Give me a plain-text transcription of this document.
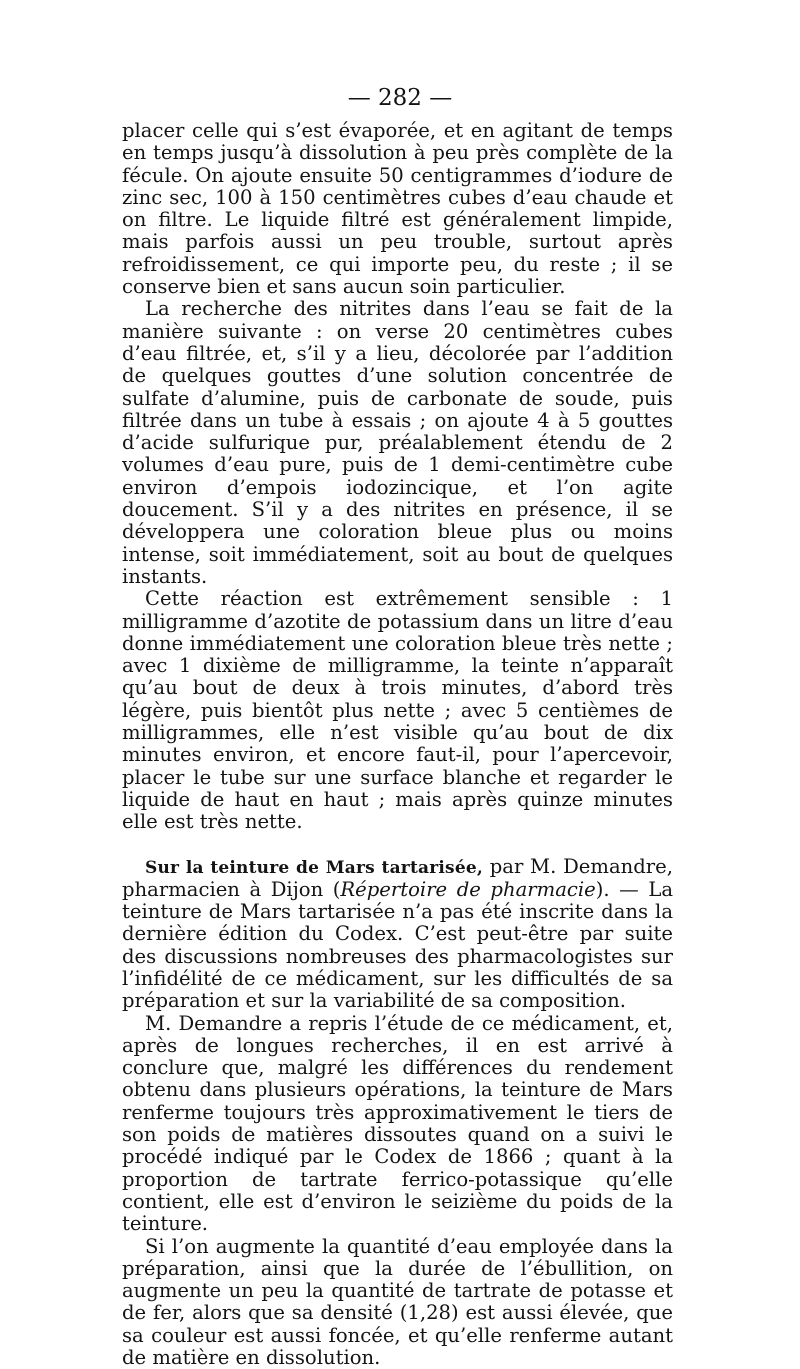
— 282 —

placer celle qui s’est évaporée, et en agitant de temps en temps jusqu’à dissolution à peu près complète de la fécule. On ajoute ensuite 50 centigrammes d’iodure de zinc sec, 100 à 150 centimètres cubes d’eau chaude et on filtre. Le liquide filtré est généralement limpide, mais parfois aussi un peu trouble, surtout après refroidissement, ce qui importe peu, du reste ; il se conserve bien et sans aucun soin particulier.

La recherche des nitrites dans l’eau se fait de la manière suivante : on verse 20 centimètres cubes d’eau filtrée, et, s’il y a lieu, décolorée par l’addition de quelques gouttes d’une solution concentrée de sulfate d’alumine, puis de carbonate de soude, puis filtrée dans un tube à essais ; on ajoute 4 à 5 gouttes d’acide sulfurique pur, préalablement étendu de 2 volumes d’eau pure, puis de 1 demi-centimètre cube environ d’empois iodozincique, et l’on agite doucement. S’il y a des nitrites en présence, il se développera une coloration bleue plus ou moins intense, soit immédiatement, soit au bout de quelques instants.

Cette réaction est extrêmement sensible : 1 milligramme d’azotite de potassium dans un litre d’eau donne immédiatement une coloration bleue très nette ; avec 1 dixième de milligramme, la teinte n’apparaît qu’au bout de deux à trois minutes, d’abord très légère, puis bientôt plus nette ; avec 5 centièmes de milligrammes, elle n’est visible qu’au bout de dix minutes environ, et encore faut-il, pour l’apercevoir, placer le tube sur une surface blanche et regarder le liquide de haut en haut ; mais après quinze minutes elle est très nette.

Sur la teinture de Mars tartarisée, par M. Demandre, pharmacien à Dijon (Répertoire de pharmacie). — La teinture de Mars tartarisée n’a pas été inscrite dans la dernière édition du Codex. C’est peut-être par suite des discussions nombreuses des pharmacologistes sur l’infidélité de ce médicament, sur les difficultés de sa préparation et sur la variabilité de sa composition.

M. Demandre a repris l’étude de ce médicament, et, après de longues recherches, il en est arrivé à conclure que, malgré les différences du rendement obtenu dans plusieurs opérations, la teinture de Mars renferme toujours très approximativement le tiers de son poids de matières dissoutes quand on a suivi le procédé indiqué par le Codex de 1866 ; quant à la proportion de tartrate ferrico-potassique qu’elle contient, elle est d’environ le seizième du poids de la teinture.

Si l’on augmente la quantité d’eau employée dans la préparation, ainsi que la durée de l’ébullition, on augmente un peu la quantité de tartrate de potasse et de fer, alors que sa densité (1,28) est aussi élevée, que sa couleur est aussi foncée, et qu’elle renferme autant de matière en dissolution.
